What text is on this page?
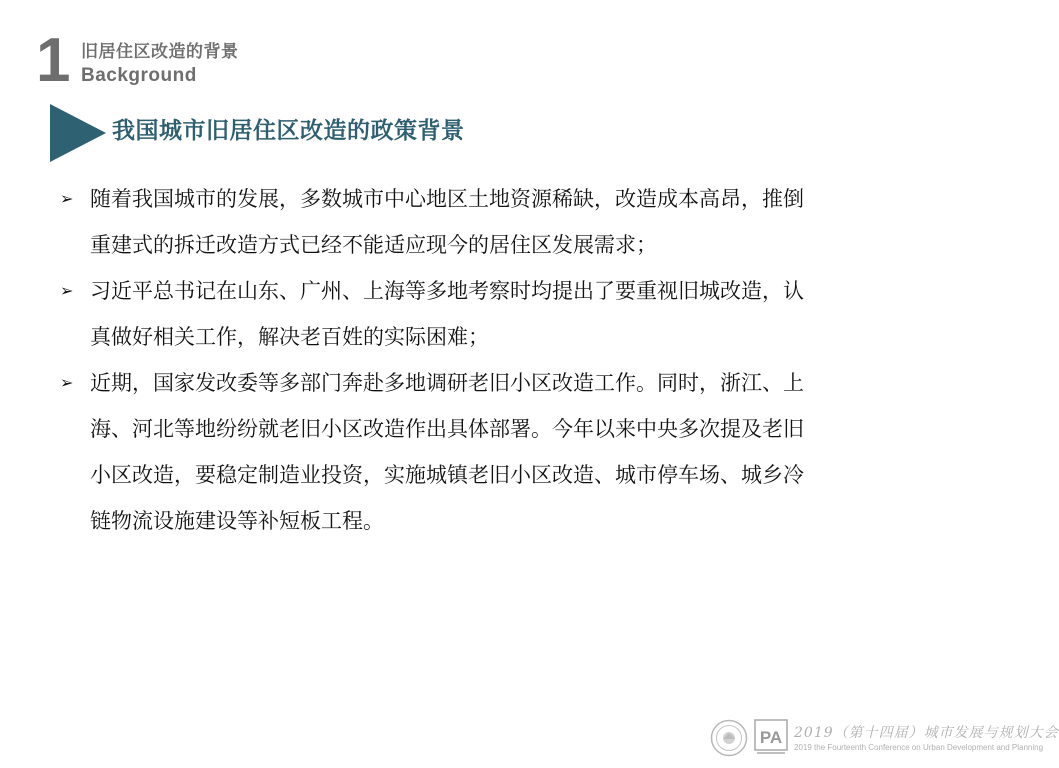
1 旧居住区改造的背景
Background
我国城市旧居住区改造的政策背景
➢ 随着我国城市的发展，多数城市中心地区土地资源稀缺，改造成本高昂，推倒
重建式的拆迁改造方式已经不能适应现今的居住区发展需求；
➢ 习近平总书记在山东、广州、上海等多地考察时均提出了要重视旧城改造，认
真做好相关工作，解决老百姓的实际困难；
➢ 近期，国家发改委等多部门奔赴多地调研老旧小区改造工作。同时，浙江、上
海、河北等地纷纷就老旧小区改造作出具体部署。今年以来中央多次提及老旧
小区改造，要稳定制造业投资，实施城镇老旧小区改造、城市停车场、城乡冷
链物流设施建设等补短板工程。
PA 2019（第十四届）城市发展与规划大会
2019 the Fourteenth Conference on Urban Development and Planning
